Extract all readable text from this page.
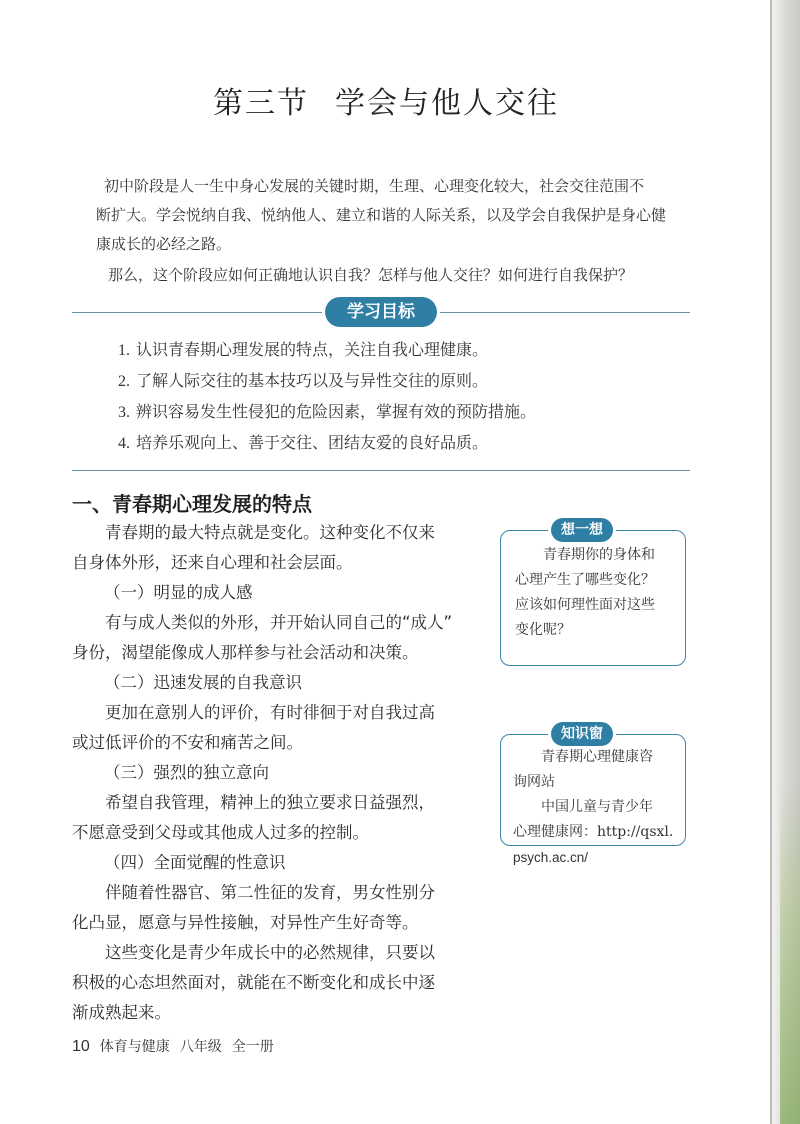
第三节 学会与他人交往

初中阶段是人一生中身心发展的关键时期，生理、心理变化较大，社会交往范围不

断扩大。学会悦纳自我、悦纳他人、建立和谐的人际关系，以及学会自我保护是身心健

康成长的必经之路。

那么，这个阶段应如何正确地认识自我？怎样与他人交往？如何进行自我保护？

学习目标
1. 认识青春期心理发展的特点，关注自我心理健康。
2. 了解人际交往的基本技巧以及与异性交往的原则。
3. 辨识容易发生性侵犯的危险因素，掌握有效的预防措施。
4. 培养乐观向上、善于交往、团结友爱的良好品质。
一、青春期心理发展的特点

青春期的最大特点就是变化。这种变化不仅来

自身体外形，还来自心理和社会层面。

（一）明显的成人感

有与成人类似的外形，并开始认同自己的“成人”

身份，渴望能像成人那样参与社会活动和决策。

（二）迅速发展的自我意识

更加在意别人的评价，有时徘徊于对自我过高

或过低评价的不安和痛苦之间。

（三）强烈的独立意向

希望自我管理，精神上的独立要求日益强烈，

不愿意受到父母或其他成人过多的控制。

（四）全面觉醒的性意识

伴随着性器官、第二性征的发育，男女性别分

化凸显，愿意与异性接触，对异性产生好奇等。

这些变化是青少年成长中的必然规律，只要以

积极的心态坦然面对，就能在不断变化和成长中逐

渐成熟起来。

想一想

青春期你的身体和

心理产生了哪些变化？

应该如何理性面对这些

变化呢？

知识窗

青春期心理健康咨

询网站

中国儿童与青少年

心理健康网：http://qsxl.

psych.ac.cn/

10 体育与健康 八年级 全一册
